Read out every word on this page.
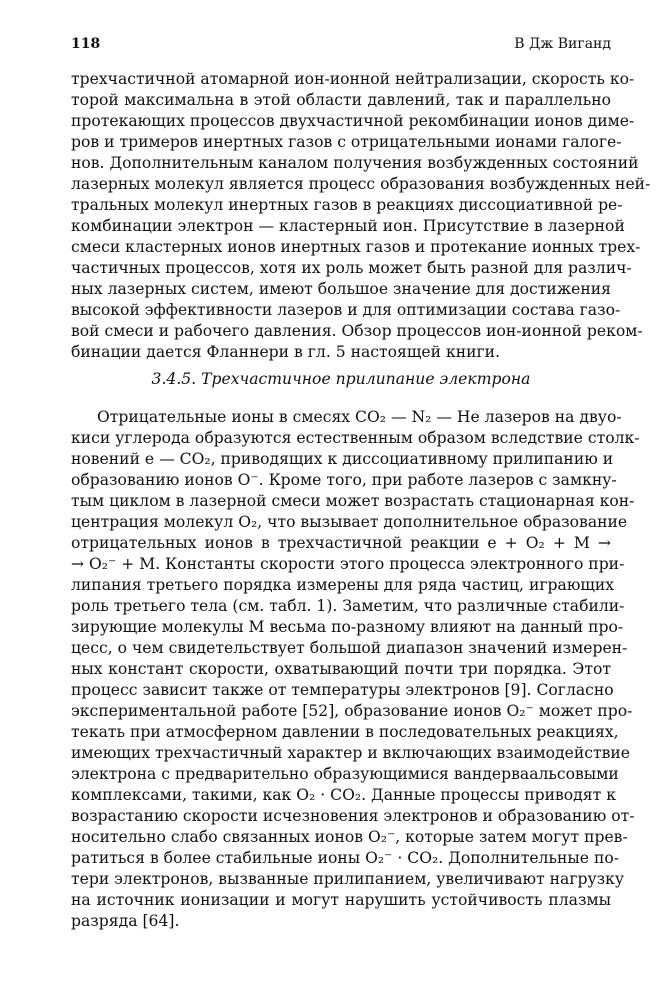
118	В Дж Виганд
трехчастичной атомарной ион-ионной нейтрализации, скорость ко-
торой максимальна в этой области давлений, так и параллельно
протекающих процессов двухчастичной рекомбинации ионов диме-
ров и тримеров инертных газов с отрицательными ионами галоге-
нов. Дополнительным каналом получения возбужденных состояний
лазерных молекул является процесс образования возбужденных ней-
тральных молекул инертных газов в реакциях диссоциативной ре-
комбинации электрон — кластерный ион. Присутствие в лазерной
смеси кластерных ионов инертных газов и протекание ионных трех-
частичных процессов, хотя их роль может быть разной для различ-
ных лазерных систем, имеют большое значение для достижения
высокой эффективности лазеров и для оптимизации состава газо-
вой смеси и рабочего давления. Обзор процессов ион-ионной реком-
бинации дается Фланнери в гл. 5 настоящей книги.
3.4.5. Трехчастичное прилипание электрона
Отрицательные ионы в смесях CO₂ — N₂ — He лазеров на двуо-
киси углерода образуются естественным образом вследствие столк-
новений e — CO₂, приводящих к диссоциативному прилипанию и
образованию ионов O⁻. Кроме того, при работе лазеров с замкну-
тым циклом в лазерной смеси может возрастать стационарная кон-
центрация молекул O₂, что вызывает дополнительное образование
отрицательных ионов в трехчастичной реакции e + O₂ + M →
→ O₂⁻ + M. Константы скорости этого процесса электронного при-
липания третьего порядка измерены для ряда частиц, играющих
роль третьего тела (см. табл. 1). Заметим, что различные стабили-
зирующие молекулы M весьма по-разному влияют на данный про-
цесс, о чем свидетельствует большой диапазон значений измерен-
ных констант скорости, охватывающий почти три порядка. Этот
процесс зависит также от температуры электронов [9]. Согласно
экспериментальной работе [52], образование ионов O₂⁻ может про-
текать при атмосферном давлении в последовательных реакциях,
имеющих трехчастичный характер и включающих взаимодействие
электрона с предварительно образующимися вандерваальсовыми
комплексами, такими, как O₂ · CO₂. Данные процессы приводят к
возрастанию скорости исчезновения электронов и образованию от-
носительно слабо связанных ионов O₂⁻, которые затем могут прев-
ратиться в более стабильные ионы O₂⁻ · CO₂. Дополнительные по-
тери электронов, вызванные прилипанием, увеличивают нагрузку
на источник ионизации и могут нарушить устойчивость плазмы
разряда [64].
